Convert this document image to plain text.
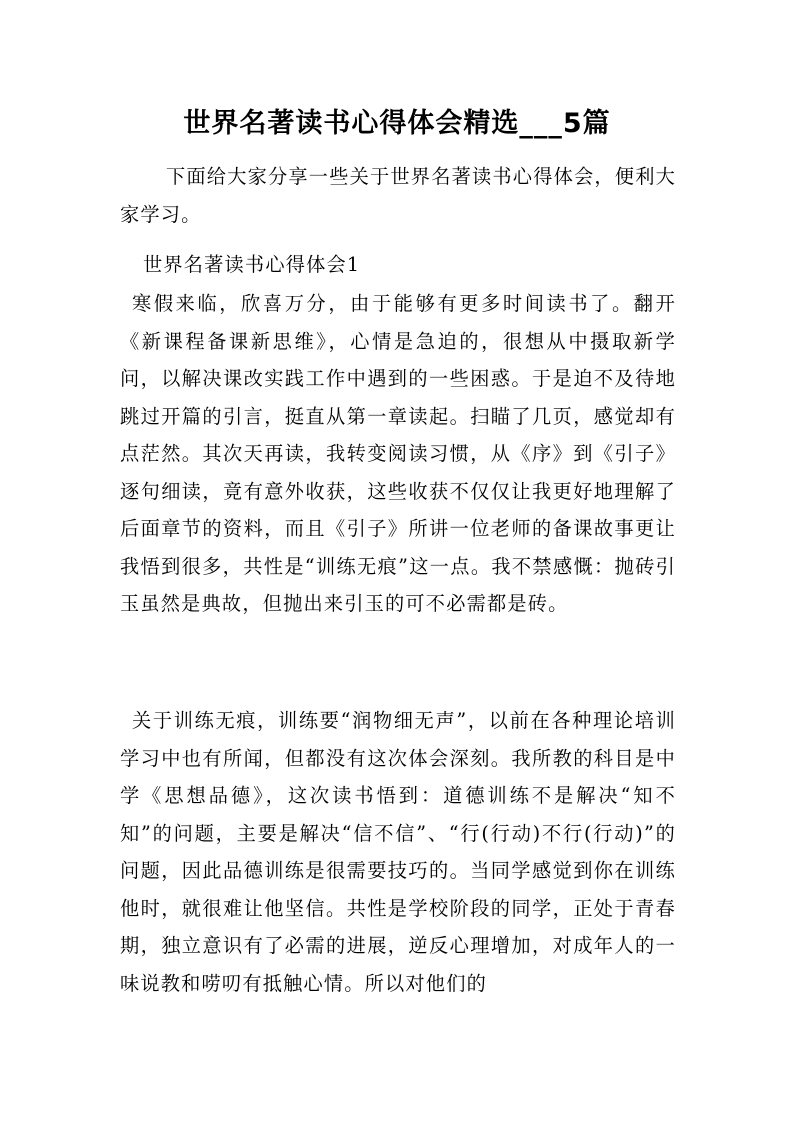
世界名著读书心得体会精选___5篇

下面给大家分享一些关于世界名著读书心得体会，便利大家学习。

世界名著读书心得体会1

寒假来临，欣喜万分，由于能够有更多时间读书了。翻开《新课程备课新思维》，心情是急迫的，很想从中摄取新学问，以解决课改实践工作中遇到的一些困惑。于是迫不及待地跳过开篇的引言，挺直从第一章读起。扫瞄了几页，感觉却有点茫然。其次天再读，我转变阅读习惯，从《序》到《引子》逐句细读，竟有意外收获，这些收获不仅仅让我更好地理解了后面章节的资料，而且《引子》所讲一位老师的备课故事更让我悟到很多，共性是“训练无痕”这一点。我不禁感慨：抛砖引玉虽然是典故，但抛出来引玉的可不必需都是砖。

关于训练无痕，训练要“润物细无声”，以前在各种理论培训学习中也有所闻，但都没有这次体会深刻。我所教的科目是中学《思想品德》，这次读书悟到：道德训练不是解决“知不知”的问题，主要是解决“信不信”、“行(行动)不行(行动)”的问题，因此品德训练是很需要技巧的。当同学感觉到你在训练他时，就很难让他坚信。共性是学校阶段的同学，正处于青春期，独立意识有了必需的进展，逆反心理增加，对成年人的一味说教和唠叨有抵触心情。所以对他们的
